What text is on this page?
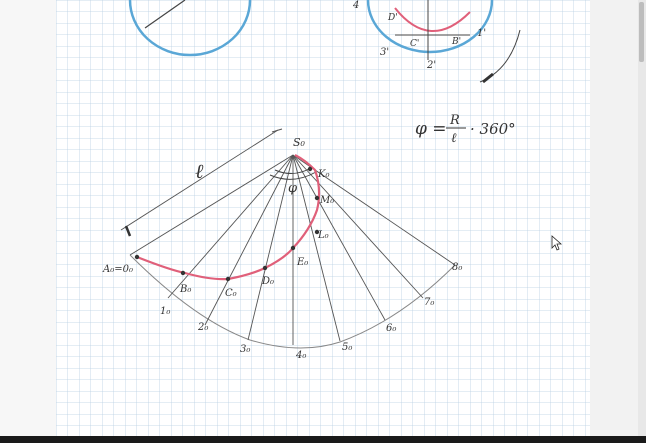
4
3'
2'
1'
C'	B'
D'
φ = R
ℓ
· 360°
ℓ
S₀
φ
A₀=0₀
1₀
2₀
3₀
4₀
5₀
6₀
7₀
8₀
B₀	C₀
D₀
E₀
L₀
M₀
K₀
